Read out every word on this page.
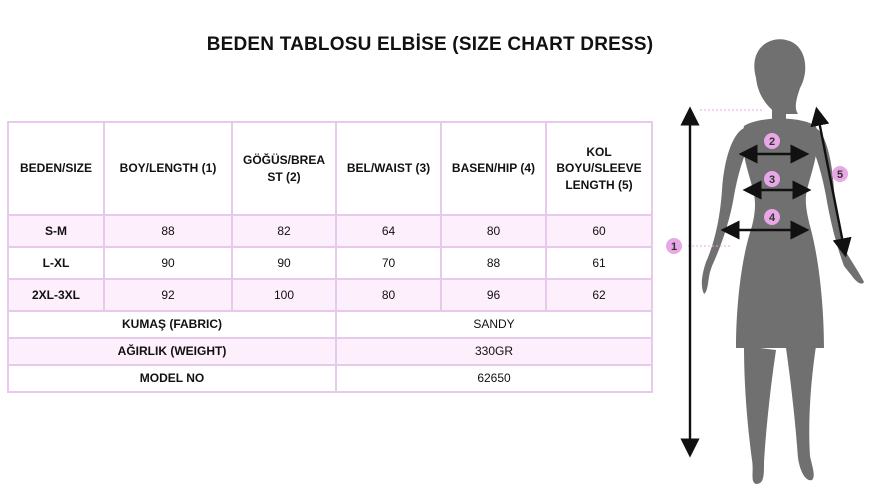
BEDEN TABLOSU ELBİSE (SIZE CHART DRESS)
BEDEN/SIZE	BOY/LENGTH (1)	GÖĞÜS/BREA ST (2)	BEL/WAIST (3)	BASEN/HIP (4)	KOL BOYU/SLEEVE LENGTH (5)
S-M	88	82	64	80	60
L-XL	90	90	70	88	61
2XL-3XL	92	100	80	96	62
KUMAŞ (FABRIC)			SANDY		
AĞIRLIK (WEIGHT)			330GR		
MODEL NO			62650		
1
2
3
4
5
